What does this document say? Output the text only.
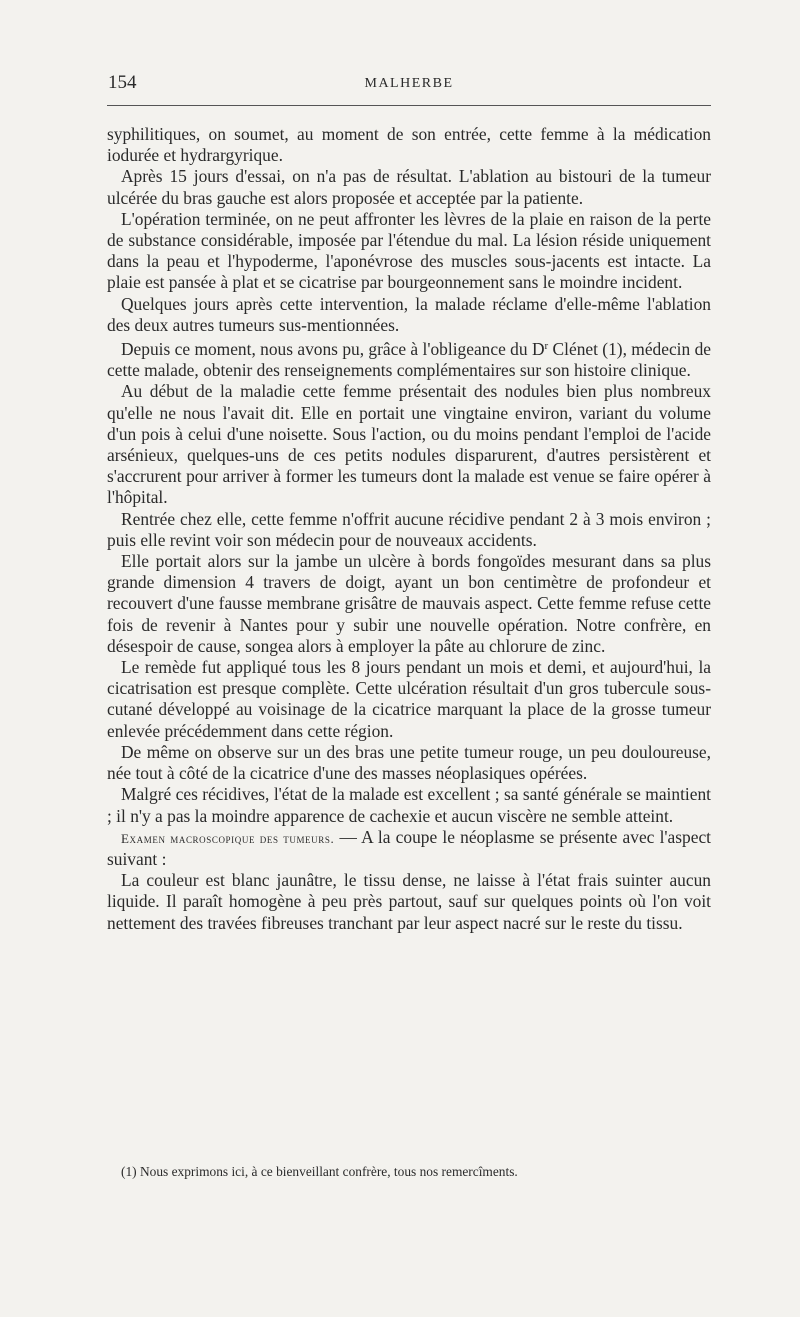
154	MALHERBE

syphilitiques, on soumet, au moment de son entrée, cette femme à la médication iodurée et hydrargyrique.

Après 15 jours d'essai, on n'a pas de résultat. L'ablation au bistouri de la tumeur ulcérée du bras gauche est alors proposée et acceptée par la patiente.

L'opération terminée, on ne peut affronter les lèvres de la plaie en raison de la perte de substance considérable, imposée par l'étendue du mal. La lésion réside uniquement dans la peau et l'hypoderme, l'aponévrose des muscles sous-jacents est intacte. La plaie est pansée à plat et se cicatrise par bourgeonnement sans le moindre incident.

Quelques jours après cette intervention, la malade réclame d'elle-même l'ablation des deux autres tumeurs sus-mentionnées.

Depuis ce moment, nous avons pu, grâce à l'obligeance du $D^r$ Clénet (1), médecin de cette malade, obtenir des renseignements complémentaires sur son histoire clinique.

Au début de la maladie cette femme présentait des nodules bien plus nombreux qu'elle ne nous l'avait dit. Elle en portait une vingtaine environ, variant du volume d'un pois à celui d'une noisette. Sous l'action, ou du moins pendant l'emploi de l'acide arsénieux, quelques-uns de ces petits nodules disparurent, d'autres persistèrent et s'accrurent pour arriver à former les tumeurs dont la malade est venue se faire opérer à l'hôpital.

Rentrée chez elle, cette femme n'offrit aucune récidive pendant 2 à 3 mois environ ; puis elle revint voir son médecin pour de nouveaux accidents.

Elle portait alors sur la jambe un ulcère à bords fongoïdes mesurant dans sa plus grande dimension 4 travers de doigt, ayant un bon centimètre de profondeur et recouvert d'une fausse membrane grisâtre de mauvais aspect. Cette femme refuse cette fois de revenir à Nantes pour y subir une nouvelle opération. Notre confrère, en désespoir de cause, songea alors à employer la pâte au chlorure de zinc.

Le remède fut appliqué tous les 8 jours pendant un mois et demi, et aujourd'hui, la cicatrisation est presque complète. Cette ulcération résultait d'un gros tubercule sous-cutané développé au voisinage de la cicatrice marquant la place de la grosse tumeur enlevée précédemment dans cette région.

De même on observe sur un des bras une petite tumeur rouge, un peu douloureuse, née tout à côté de la cicatrice d'une des masses néoplasiques opérées.

Malgré ces récidives, l'état de la malade est excellent ; sa santé générale se maintient ; il n'y a pas la moindre apparence de cachexie et aucun viscère ne semble atteint.

Examen macroscopique des tumeurs. — A la coupe le néoplasme se présente avec l'aspect suivant :

La couleur est blanc jaunâtre, le tissu dense, ne laisse à l'état frais suinter aucun liquide. Il paraît homogène à peu près partout, sauf sur quelques points où l'on voit nettement des travées fibreuses tranchant par leur aspect nacré sur le reste du tissu.

(1) Nous exprimons ici, à ce bienveillant confrère, tous nos remercîments.
